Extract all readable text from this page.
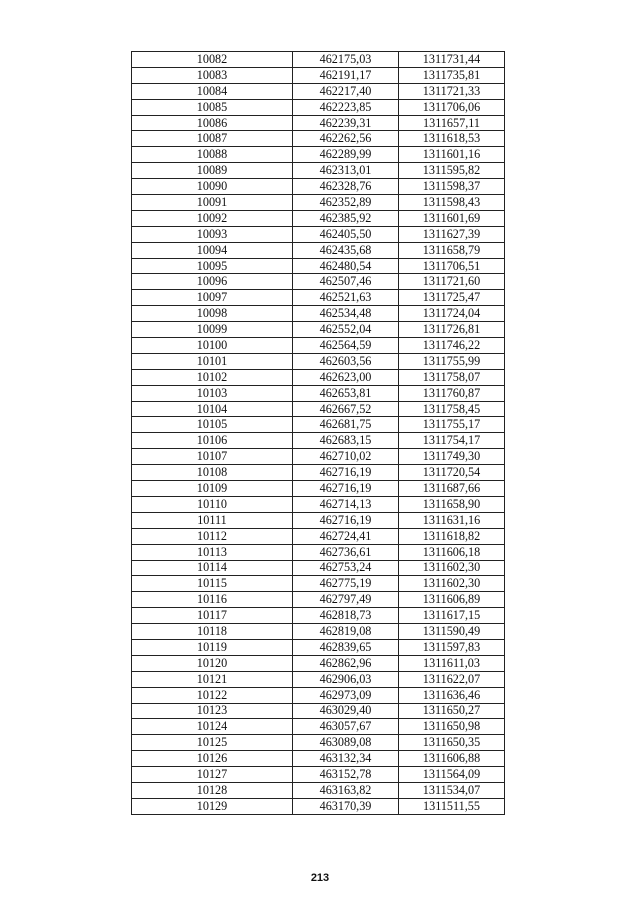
10082	462175,03	1311731,44
10083	462191,17	1311735,81
10084	462217,40	1311721,33
10085	462223,85	1311706,06
10086	462239,31	1311657,11
10087	462262,56	1311618,53
10088	462289,99	1311601,16
10089	462313,01	1311595,82
10090	462328,76	1311598,37
10091	462352,89	1311598,43
10092	462385,92	1311601,69
10093	462405,50	1311627,39
10094	462435,68	1311658,79
10095	462480,54	1311706,51
10096	462507,46	1311721,60
10097	462521,63	1311725,47
10098	462534,48	1311724,04
10099	462552,04	1311726,81
10100	462564,59	1311746,22
10101	462603,56	1311755,99
10102	462623,00	1311758,07
10103	462653,81	1311760,87
10104	462667,52	1311758,45
10105	462681,75	1311755,17
10106	462683,15	1311754,17
10107	462710,02	1311749,30
10108	462716,19	1311720,54
10109	462716,19	1311687,66
10110	462714,13	1311658,90
10111	462716,19	1311631,16
10112	462724,41	1311618,82
10113	462736,61	1311606,18
10114	462753,24	1311602,30
10115	462775,19	1311602,30
10116	462797,49	1311606,89
10117	462818,73	1311617,15
10118	462819,08	1311590,49
10119	462839,65	1311597,83
10120	462862,96	1311611,03
10121	462906,03	1311622,07
10122	462973,09	1311636,46
10123	463029,40	1311650,27
10124	463057,67	1311650,98
10125	463089,08	1311650,35
10126	463132,34	1311606,88
10127	463152,78	1311564,09
10128	463163,82	1311534,07
10129	463170,39	1311511,55
213
